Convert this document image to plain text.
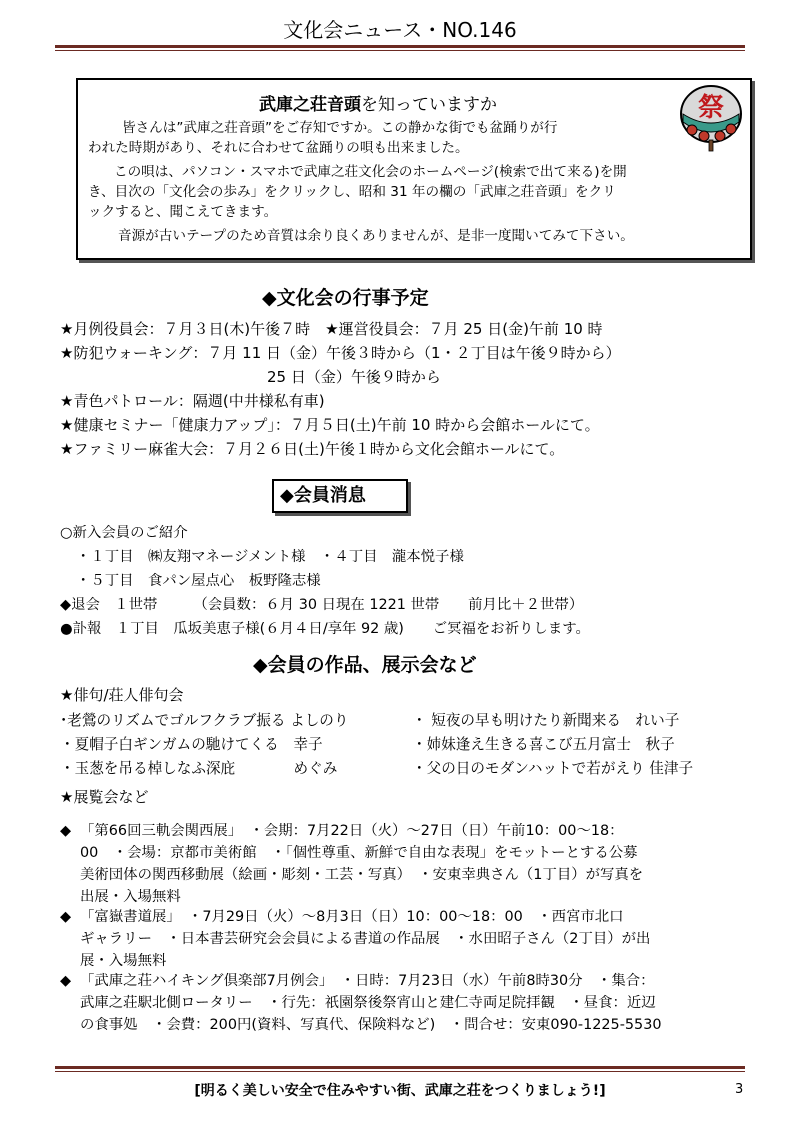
文化会ニュース・NO.146
武庫之荘音頭を知っていますか	祭

皆さんは”武庫之荘音頭”をご存知ですか。この静かな街でも盆踊りが行

われた時期があり、それに合わせて盆踊りの唄も出来ました。

この唄は、パソコン・スマホで武庫之荘文化会のホームページ(検索で出て来る)を開

き、目次の「文化会の歩み」をクリックし、昭和 31 年の欄の「武庫之荘音頭」をクリ

ックすると、聞こえてきます。

音源が古いテープのため音質は余り良くありませんが、是非一度聞いてみて下さい。

◆文化会の行事予定
★月例役員会：７月３日(木)午後７時　★運営役員会：７月 25 日(金)午前 10 時
★防犯ウォーキング：７月 11 日（金）午後３時から（1・２丁目は午後９時から）
25 日（金）午後９時から
★青色パトロール：隔週(中井様私有車)
★健康セミナー「健康力アップ」：７月５日(土)午前 10 時から会館ホールにて。
★ファミリー麻雀大会：７月２６日(土)午後１時から文化会館ホールにて。
◆会員消息
○新入会員のご紹介
・１丁目　㈱友翔マネージメント様　・４丁目　瀧本悦子様
・５丁目　食パン屋点心　板野隆志様
◆退会　１世帯　　　（会員数：６月 30 日現在 1221 世帯　　前月比＋２世帯）
●訃報　１丁目　瓜坂美恵子様(６月４日/享年 92 歳)　　ご冥福をお祈りします。
◆会員の作品、展示会など
★俳句/荘人俳句会
･老鶯のリズムでゴルフクラブ振る よしのり	・ 短夜の早も明けたり新聞来る　れい子
・夏帽子白ギンガムの馳けてくる　幸子	・姉妹逢え生きる喜こび五月富士　秋子
・玉葱を吊る棹しなふ深庇　　　　めぐみ	・父の日のモダンハットで若がえり 佳津子
★展覧会など
◆ 「第66回三軌会関西展」　・会期：7月22日（火）～27日（日）午前10：00～18：
00　・会場：京都市美術館　・「個性尊重、新鮮で自由な表現」をモットーとする公募
美術団体の関西移動展（絵画・彫刻・工芸・写真）　・安東幸典さん（1丁目）が写真を
出展・入場無料
◆ 「富嶽書道展」　・7月29日（火）～8月3日（日）10：00～18：00　・西宮市北口
ギャラリー　・日本書芸研究会会員による書道の作品展　・水田昭子さん（2丁目）が出
展・入場無料
◆ 「武庫之荘ハイキング倶楽部7月例会」　・日時：7月23日（水）午前8時30分　・集合：
武庫之荘駅北側ロータリー　・行先：祇園祭後祭宵山と建仁寺両足院拝観　・昼食：近辺
の食事処　・会費：200円(資料、写真代、保険料など)　・問合せ：安東090-1225-5530
[明るく美しい安全で住みやすい街、武庫之荘をつくりましょう!]	3
